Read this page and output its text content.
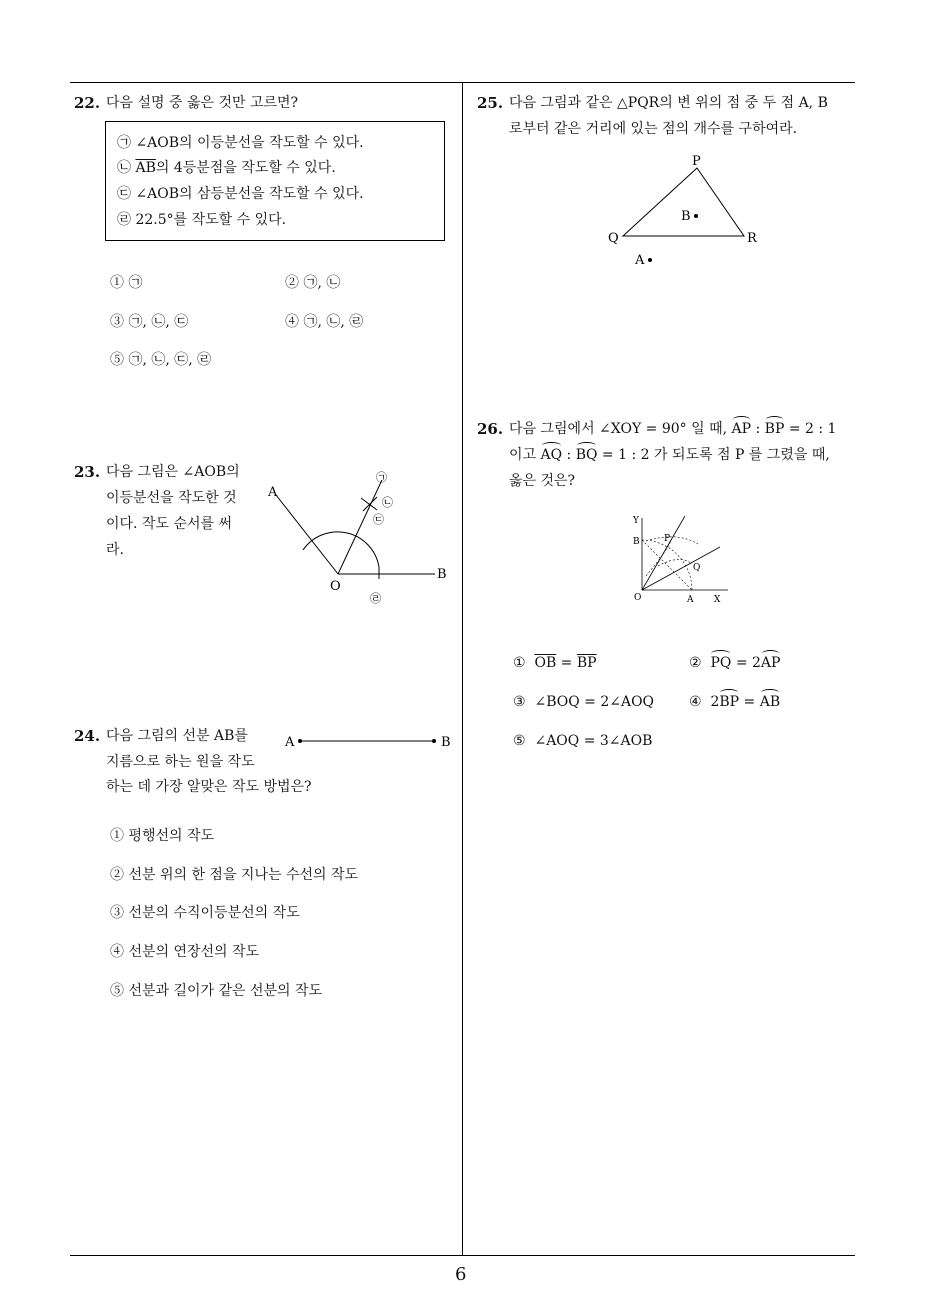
22. 다음 설명 중 옳은 것만 고르면?
㉠ ∠AOB의 이등분선을 작도할 수 있다.
㉡ $\overline{AB}$의 4등분점을 작도할 수 있다.
㉢ ∠AOB의 삼등분선을 작도할 수 있다.
㉣ 22.5°를 작도할 수 있다.
① ㉠	② ㉠, ㉡
③ ㉠, ㉡, ㉢	④ ㉠, ㉡, ㉣
⑤ ㉠, ㉡, ㉢, ㉣
23. 다음 그림은 ∠AOB의
이등분선을 작도한 것
이다. 작도 순서를 써
라.
A
O
B
㉠
㉡
㉢
㉣
24. 다음 그림의 선분 AB를
지름으로 하는 원을 작도
하는 데 가장 알맞은 작도 방법은?
A	B
① 평행선의 작도
② 선분 위의 한 점을 지나는 수선의 작도
③ 선분의 수직이등분선의 작도
④ 선분의 연장선의 작도
⑤ 선분과 길이가 같은 선분의 작도
25. 다음 그림과 같은 △PQR의 변 위의 점 중 두 점 A, B
로부터 같은 거리에 있는 점의 개수를 구하여라.
P
Q	R
B
A
26. 다음 그림에서 ∠XOY = 90° 일 때, AP : BP = 2 : 1
이고 AQ : BQ = 1 : 2 가 되도록 점 P 를 그렸을 때,
옳은 것은?
Y
B	P
Q
O	A X
① $\overline{OB} = \overline{BP}$	② PQ = 2AP
③ ∠BOQ = 2∠AOQ ④ 2BP = AB
⑤ ∠AOQ = 3∠AOB
6
